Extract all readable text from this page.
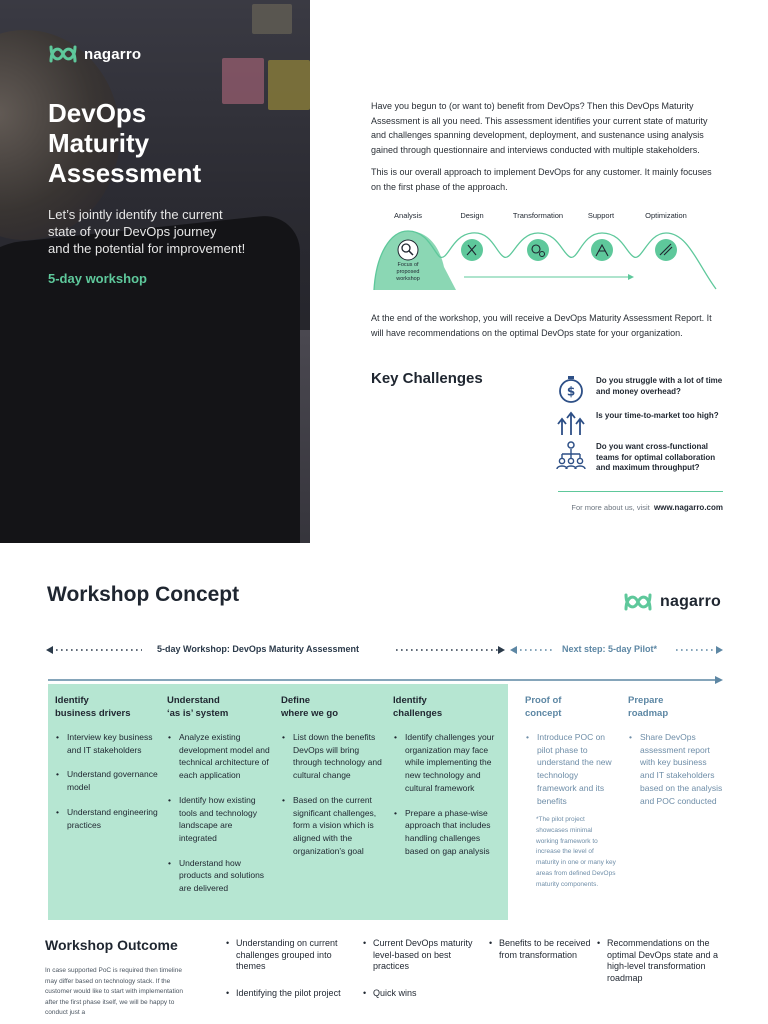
nagarro
DevOps
Maturity
Assessment
Let’s jointly identify the current
state of your DevOps journey
and the potential for improvement!
5-day workshop
Have you begun to (or want to) benefit from DevOps? Then this DevOps Maturity Assessment is all you need. This assessment identifies your current state of maturity and challenges spanning development, deployment, and sustenance using analysis gained through questionnaire and interviews conducted with multiple stakeholders.
This is our overall approach to implement DevOps for any customer. It mainly focuses on the first phase of the approach.
Analysis	Design	Transformation	Support	Optimization
Focus of
proposed
workshop
At the end of the workshop, you will receive a DevOps Maturity Assessment Report. It will have recommendations on the optimal DevOps state for your organization.
Key Challenges
$
Do you struggle with a lot of time and money overhead?
Is your time-to-market too high?
Do you want cross-functional teams for optimal collaboration and maximum throughput?
For more about us, visit www.nagarro.com
Workshop Concept	nagarro
5-day Workshop: DevOps Maturity Assessment	Next step: 5-day Pilot*
Identify
business drivers
• Interview key business and IT stakeholders
• Understand governance model
• Understand engineering practices
Understand
‘as is’ system
• Analyze existing development model and technical architecture of each application
• Identify how existing tools and technology landscape are integrated
• Understand how products and solutions are delivered
Define
where we go
• List down the benefits DevOps will bring through technology and cultural change
• Based on the current significant challenges, form a vision which is aligned with the organization’s goal
Identify
challenges
• Identify challenges your organization may face while implementing the new technology and cultural framework
• Prepare a phase-wise approach that includes handling challenges based on gap analysis
Proof of
concept
• Introduce POC on pilot phase to understand the new technology framework and its benefits
*The pilot project showcases minimal working framework to increase the level of maturity in one or many key areas from defined DevOps maturity components.
Prepare
roadmap
• Share DevOps assessment report with key business and IT stakeholders based on the analysis and POC conducted
Workshop Outcome
In case supported PoC is required then timeline may differ based on technology stack. If the customer would like to start with implementation after the first phase itself, we will be happy to conduct just a
• Understanding on current challenges grouped into themes
• Identifying the pilot project
• Current DevOps maturity level-based on best practices
• Quick wins
• Benefits to be received from transformation
• Recommendations on the optimal DevOps state and a high-level transformation roadmap
